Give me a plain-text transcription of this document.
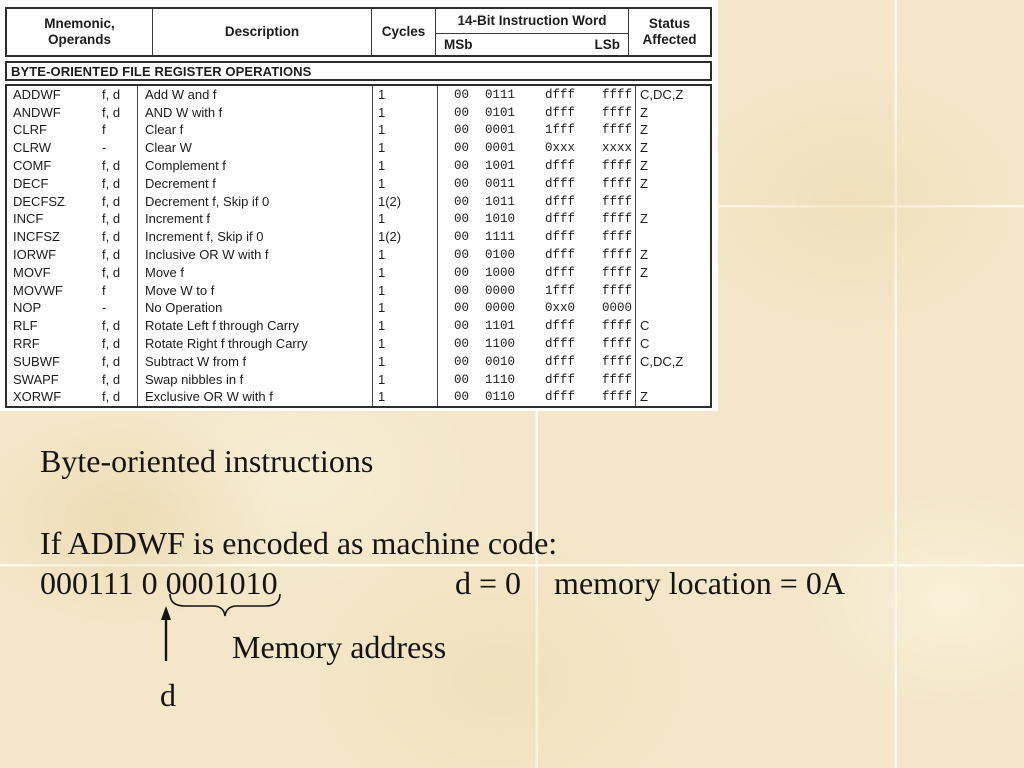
Mnemonic,
Operands
Description	Cycles
14-Bit Instruction Word
MSb	LSb
Status
Affected
BYTE-ORIENTED FILE REGISTER OPERATIONS
ADDWF	f, d	Add W and f	1	00	0111	dfff	ffff C,DC,Z
ANDWF	f, d	AND W with f	1	00	0101	dfff	ffff Z
CLRF	f	Clear f	1	00	0001	1fff	ffff Z
CLRW	-	Clear W	1	00	0001	0xxx	xxxx Z
COMF	f, d	Complement f	1	00	1001	dfff	ffff Z
DECF	f, d	Decrement f	1	00	0011	dfff	ffff Z
DECFSZ	f, d	Decrement f, Skip if 0	1(2)	00	1011	dfff	ffff
INCF	f, d	Increment f	1	00	1010	dfff	ffff Z
INCFSZ	f, d	Increment f, Skip if 0	1(2)	00	1111	dfff	ffff
IORWF	f, d	Inclusive OR W with f	1	00	0100	dfff	ffff Z
MOVF	f, d	Move f	1	00	1000	dfff	ffff Z
MOVWF	f	Move W to f	1	00	0000	1fff	ffff
NOP	-	No Operation	1	00	0000	0xx0	0000
RLF	f, d	Rotate Left f through Carry	1	00	1101	dfff	ffff C
RRF	f, d	Rotate Right f through Carry	1	00	1100	dfff	ffff C
SUBWF	f, d	Subtract W from f	1	00	0010	dfff	ffff C,DC,Z
SWAPF	f, d	Swap nibbles in f	1	00	1110	dfff	ffff
XORWF	f, d	Exclusive OR W with f	1	00	0110	dfff	ffff Z
Byte-oriented instructions
If ADDWF is encoded as machine code:
000111 0 0001010	d = 0 memory location = 0A
Memory address
d
